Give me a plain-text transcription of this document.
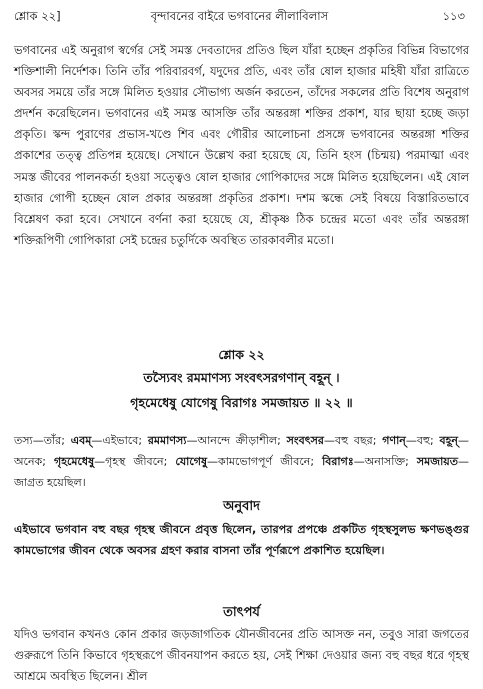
শ্লোক ২২]	বৃন্দাবনের বাইরে ভগবানের লীলাবিলাস	১১৩

ভগবানের এই অনুরাগ স্বর্গের সেই সমস্ত দেবতাদের প্রতিও ছিল যাঁরা হচ্ছেন প্রকৃতির বিভিন্ন বিভাগের শক্তিশালী নির্দেশক। তিনি তাঁর পরিবারবর্গ, যদুদের প্রতি, এবং তাঁর ষোল হাজার মহিষী যাঁরা রাত্রিতে অবসর সময়ে তাঁর সঙ্গে মিলিত হওয়ার সৌভাগ্য অর্জন করতেন, তাঁদের সকলের প্রতি বিশেষ অনুরাগ প্রদর্শন করেছিলেন। ভগবানের এই সমস্ত আসক্তি তাঁর অন্তরঙ্গা শক্তির প্রকাশ, যার ছায়া হচ্ছে জড়া প্রকৃতি। স্কন্দ পুরাণের প্রভাস-খণ্ডে শিব এবং গৌরীর আলোচনা প্রসঙ্গে ভগবানের অন্তরঙ্গা শক্তির প্রকাশের তত্ত্ব প্রতিপন্ন হয়েছে। সেখানে উল্লেখ করা হয়েছে যে, তিনি হংস (চিন্ময়) পরমাত্মা এবং সমস্ত জীবের পালনকর্তা হওয়া সত্ত্বেও ষোল হাজার গোপিকাদের সঙ্গে মিলিত হয়েছিলেন। এই ষোল হাজার গোপী হচ্ছেন ষোল প্রকার অন্তরঙ্গা প্রকৃতির প্রকাশ। দশম স্কন্ধে সেই বিষয়ে বিস্তারিতভাবে বিশ্লেষণ করা হবে। সেখানে বর্ণনা করা হয়েছে যে, শ্রীকৃষ্ণ ঠিক চন্দ্রের মতো এবং তাঁর অন্তরঙ্গা শক্তিরূপিণী গোপিকারা সেই চন্দ্রের চতুর্দিকে অবস্থিত তারকাবলীর মতো।

শ্লোক ২২
তস্যৈবং রমমাণস্য সংবৎসরগণান্ বহূন্ ।
গৃহমেধেষু যোগেষু বিরাগঃ সমজায়ত ॥ ২২ ॥

তস্য—তাঁর; এবম্—এইভাবে; রমমাণস্য—আনন্দে ক্রীড়াশীল; সংবৎসর—বহু বছর; গণান্—বহু; বহূন্—অনেক; গৃহমেধেষু—গৃহস্থ জীবনে; যোগেষু—কামভোগপূর্ণ জীবনে; বিরাগঃ—অনাসক্তি; সমজায়ত—জাগ্রত হয়েছিল।

অনুবাদ

এইভাবে ভগবান বহু বছর গৃহস্থ জীবনে প্রবৃত্ত ছিলেন, তারপর প্রপঞ্চে প্রকটিত গৃহস্থসুলভ ক্ষণভঙ্গুর কামভোগের জীবন থেকে অবসর গ্রহণ করার বাসনা তাঁর পূর্ণরূপে প্রকাশিত হয়েছিল।

তাৎপর্য

যদিও ভগবান কখনও কোন প্রকার জড়জাগতিক যৌনজীবনের প্রতি আসক্ত নন, তবুও সারা জগতের গুরুরূপে তিনি কিভাবে গৃহস্থরূপে জীবনযাপন করতে হয়, সেই শিক্ষা দেওয়ার জন্য বহু বছর ধরে গৃহস্থ আশ্রমে অবস্থিত ছিলেন। শ্রীল
